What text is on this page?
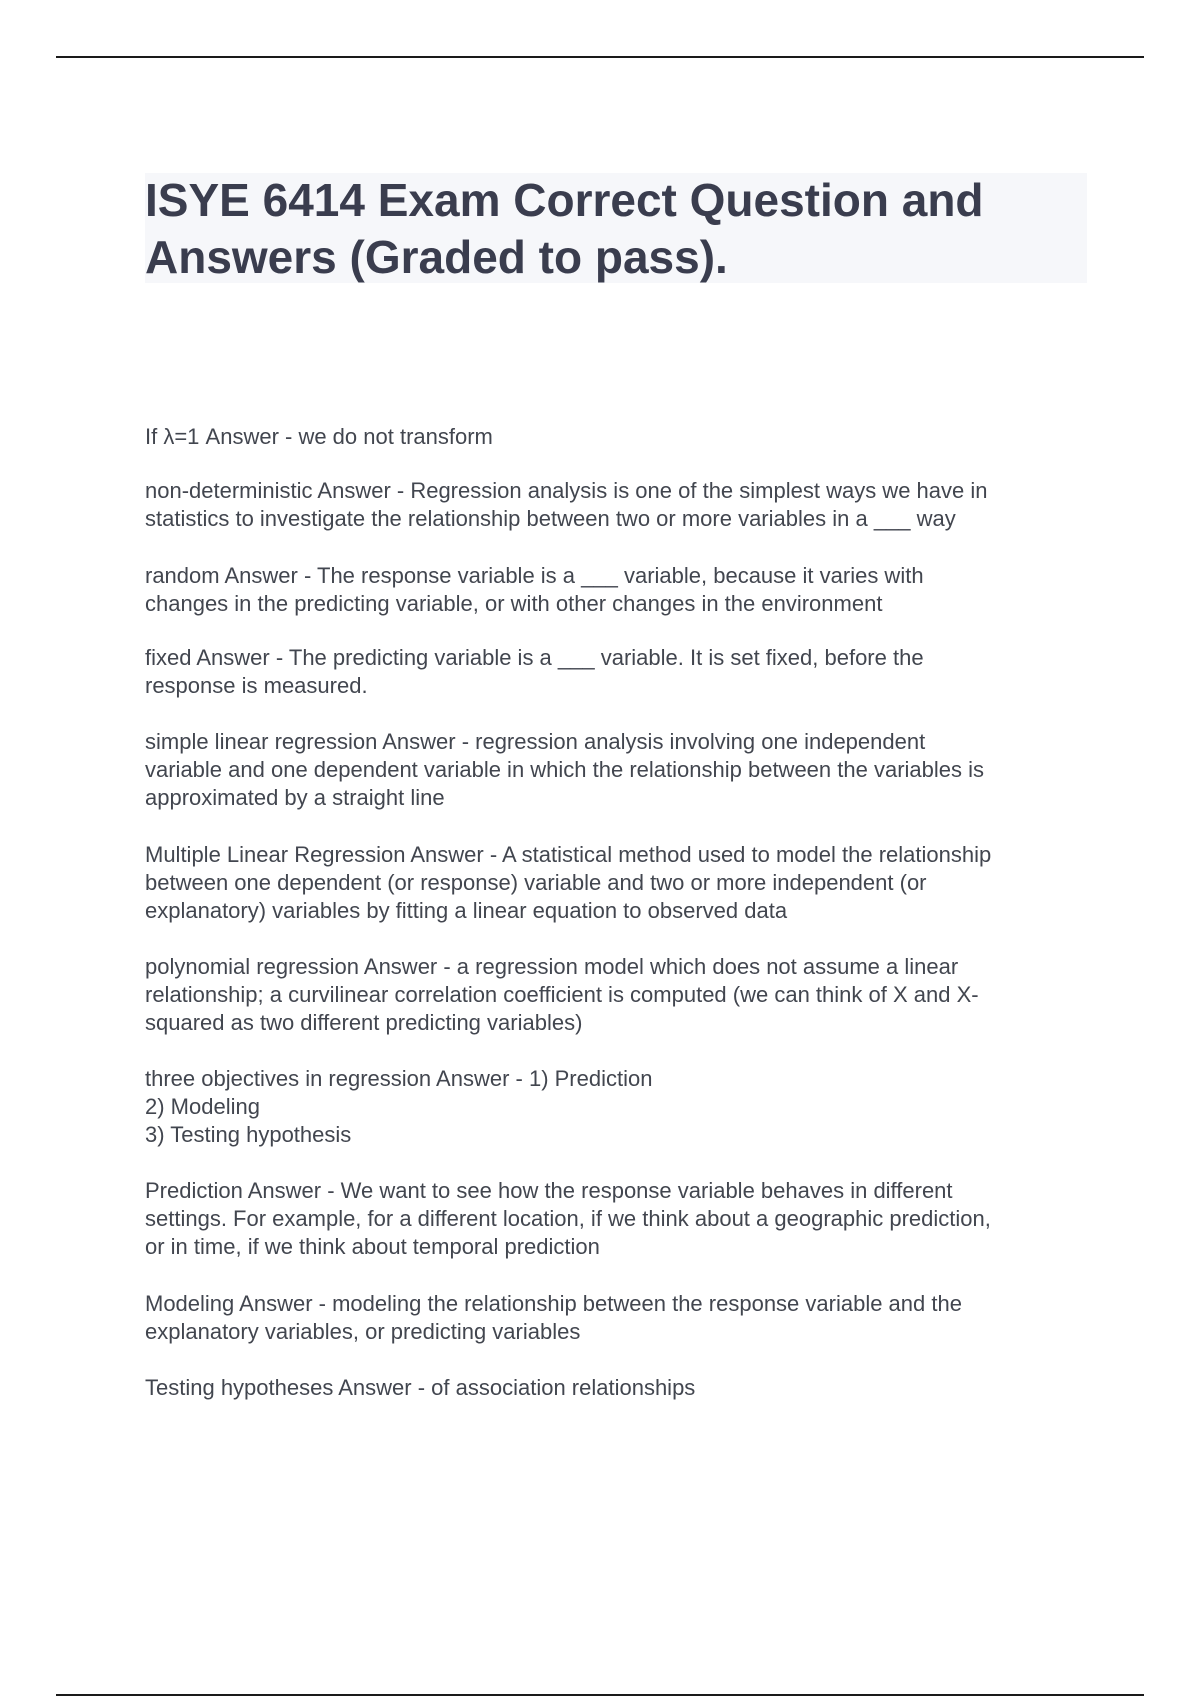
ISYE 6414 Exam Correct Question and
Answers (Graded to pass).

If λ=1 Answer - we do not transform

non-deterministic Answer - Regression analysis is one of the simplest ways we have in
statistics to investigate the relationship between two or more variables in a ___ way

random Answer - The response variable is a ___ variable, because it varies with
changes in the predicting variable, or with other changes in the environment

fixed Answer - The predicting variable is a ___ variable. It is set fixed, before the
response is measured.

simple linear regression Answer - regression analysis involving one independent
variable and one dependent variable in which the relationship between the variables is
approximated by a straight line

Multiple Linear Regression Answer - A statistical method used to model the relationship
between one dependent (or response) variable and two or more independent (or
explanatory) variables by fitting a linear equation to observed data

polynomial regression Answer - a regression model which does not assume a linear
relationship; a curvilinear correlation coefficient is computed (we can think of X and X-
squared as two different predicting variables)

three objectives in regression Answer - 1) Prediction
2) Modeling
3) Testing hypothesis

Prediction Answer - We want to see how the response variable behaves in different
settings. For example, for a different location, if we think about a geographic prediction,
or in time, if we think about temporal prediction

Modeling Answer - modeling the relationship between the response variable and the
explanatory variables, or predicting variables

Testing hypotheses Answer - of association relationships
